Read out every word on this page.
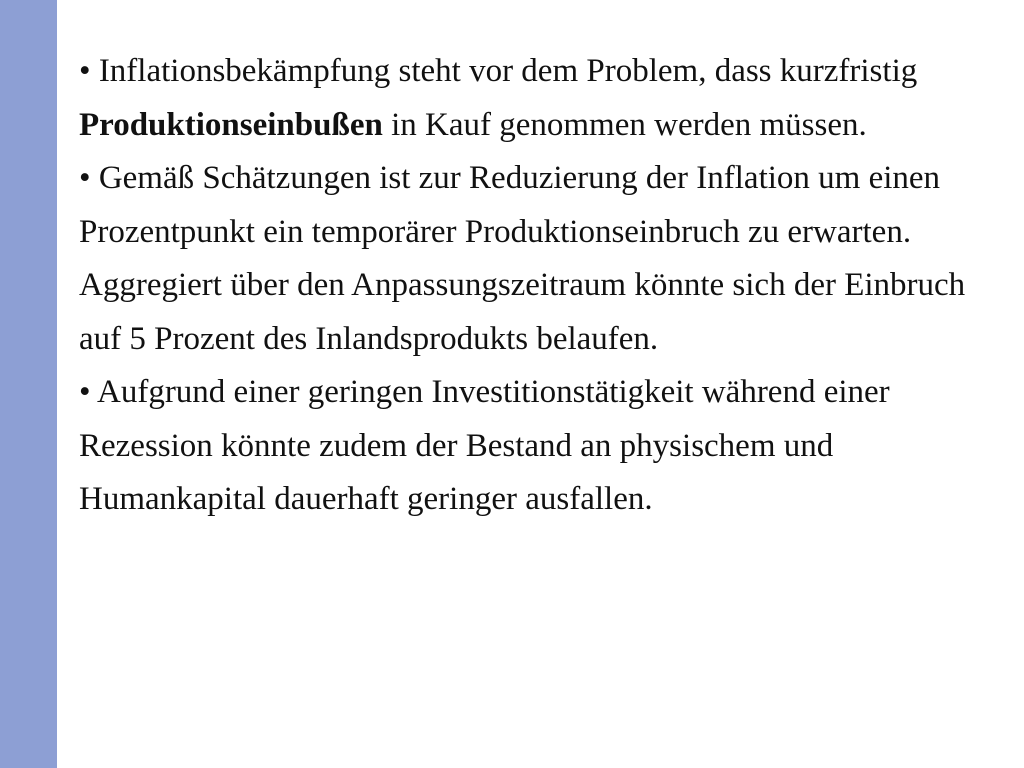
• Inflationsbekämpfung steht vor dem Problem, dass kurzfristig Produktionseinbußen in Kauf genommen werden müssen.

• Gemäß Schätzungen ist zur Reduzierung der Inflation um einen Prozentpunkt ein temporärer Produktionseinbruch zu erwarten. Aggregiert über den Anpassungszeitraum könnte sich der Einbruch auf 5 Prozent des Inlandsprodukts belaufen.

• Aufgrund einer geringen Investitionstätigkeit während einer Rezession könnte zudem der Bestand an physischem und Humankapital dauerhaft geringer ausfallen.
